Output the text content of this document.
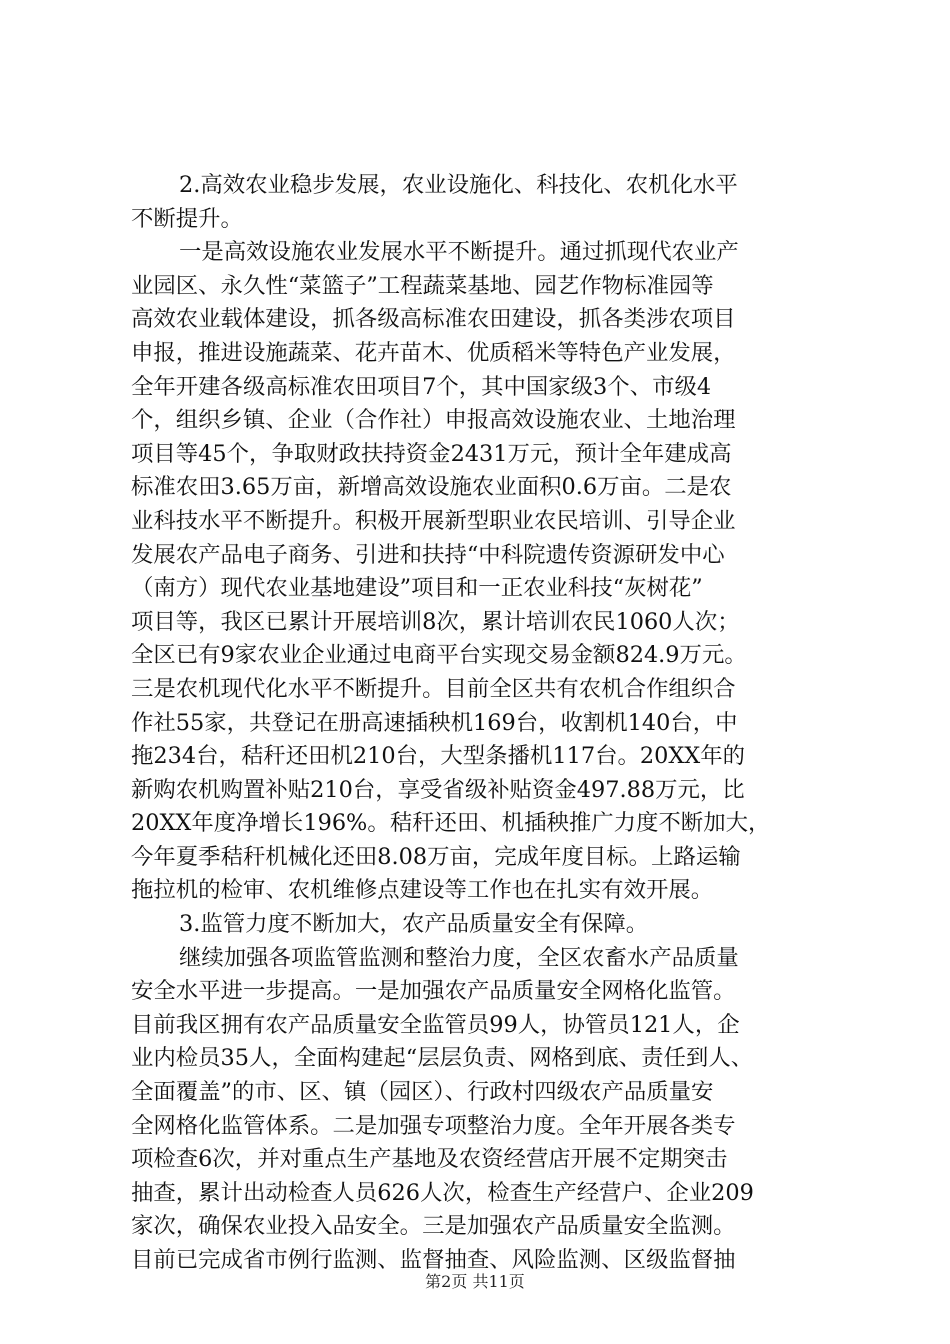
2.高效农业稳步发展，农业设施化、科技化、农机化水平
不断提升。
一是高效设施农业发展水平不断提升。通过抓现代农业产
业园区、永久性“菜篮子”工程蔬菜基地、园艺作物标准园等
高效农业载体建设，抓各级高标准农田建设，抓各类涉农项目
申报，推进设施蔬菜、花卉苗木、优质稻米等特色产业发展，
全年开建各级高标准农田项目7个，其中国家级3个、市级4
个，组织乡镇、企业（合作社）申报高效设施农业、土地治理
项目等45个，争取财政扶持资金2431万元，预计全年建成高
标准农田3.65万亩，新增高效设施农业面积0.6万亩。二是农
业科技水平不断提升。积极开展新型职业农民培训、引导企业
发展农产品电子商务、引进和扶持“中科院遗传资源研发中心
（南方）现代农业基地建设”项目和一正农业科技“灰树花”
项目等，我区已累计开展培训8次，累计培训农民1060人次；
全区已有9家农业企业通过电商平台实现交易金额824.9万元。
三是农机现代化水平不断提升。目前全区共有农机合作组织合
作社55家，共登记在册高速插秧机169台，收割机140台，中
拖234台，秸秆还田机210台，大型条播机117台。20XX年的
新购农机购置补贴210台，享受省级补贴资金497.88万元，比
20XX年度净增长196%。秸秆还田、机插秧推广力度不断加大，
今年夏季秸秆机械化还田8.08万亩，完成年度目标。上路运输
拖拉机的检审、农机维修点建设等工作也在扎实有效开展。
3.监管力度不断加大，农产品质量安全有保障。
继续加强各项监管监测和整治力度，全区农畜水产品质量
安全水平进一步提高。一是加强农产品质量安全网格化监管。
目前我区拥有农产品质量安全监管员99人，协管员121人，企
业内检员35人，全面构建起“层层负责、网格到底、责任到人、
全面覆盖”的市、区、镇（园区）、行政村四级农产品质量安
全网格化监管体系。二是加强专项整治力度。全年开展各类专
项检查6次，并对重点生产基地及农资经营店开展不定期突击
抽查，累计出动检查人员626人次，检查生产经营户、企业209
家次，确保农业投入品安全。三是加强农产品质量安全监测。
目前已完成省市例行监测、监督抽查、风险监测、区级监督抽
第2页 共11页
